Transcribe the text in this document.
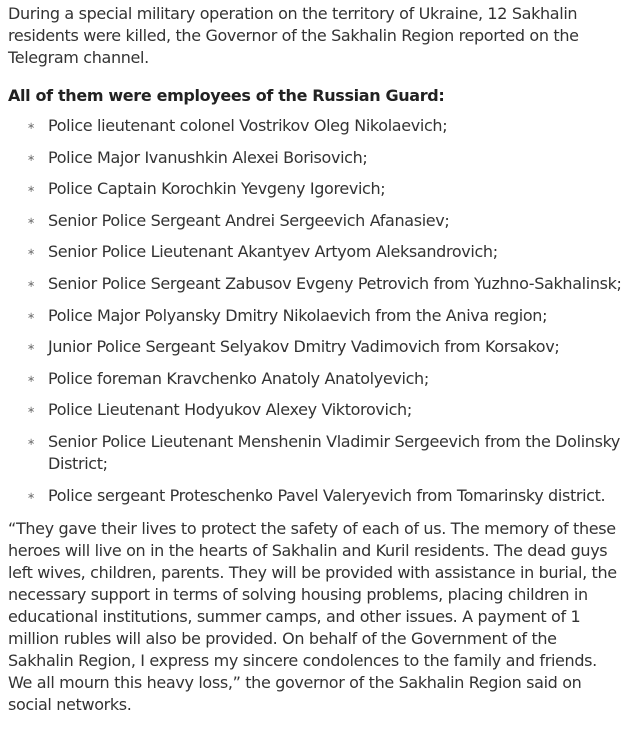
During a special military operation on the territory of Ukraine, 12 Sakhalin residents were killed, the Governor of the Sakhalin Region reported on the Telegram channel.

All of them were employees of the Russian Guard:

∗ Police lieutenant colonel Vostrikov Oleg Nikolaevich;
∗ Police Major Ivanushkin Alexei Borisovich;
∗ Police Captain Korochkin Yevgeny Igorevich;
∗ Senior Police Sergeant Andrei Sergeevich Afanasiev;
∗ Senior Police Lieutenant Akantyev Artyom Aleksandrovich;
∗ Senior Police Sergeant Zabusov Evgeny Petrovich from Yuzhno-Sakhalinsk;
∗ Police Major Polyansky Dmitry Nikolaevich from the Aniva region;
∗ Junior Police Sergeant Selyakov Dmitry Vadimovich from Korsakov;
∗ Police foreman Kravchenko Anatoly Anatolyevich;
∗ Police Lieutenant Hodyukov Alexey Viktorovich;
∗ Senior Police Lieutenant Menshenin Vladimir Sergeevich from the Dolinsky District;
∗ Police sergeant Proteschenko Pavel Valeryevich from Tomarinsky district.

“They gave their lives to protect the safety of each of us. The memory of these heroes will live on in the hearts of Sakhalin and Kuril residents. The dead guys left wives, children, parents. They will be provided with assistance in burial, the necessary support in terms of solving housing problems, placing children in educational institutions, summer camps, and other issues. A payment of 1 million rubles will also be provided. On behalf of the Government of the Sakhalin Region, I express my sincere condolences to the family and friends. We all mourn this heavy loss,” the governor of the Sakhalin Region said on social networks.
